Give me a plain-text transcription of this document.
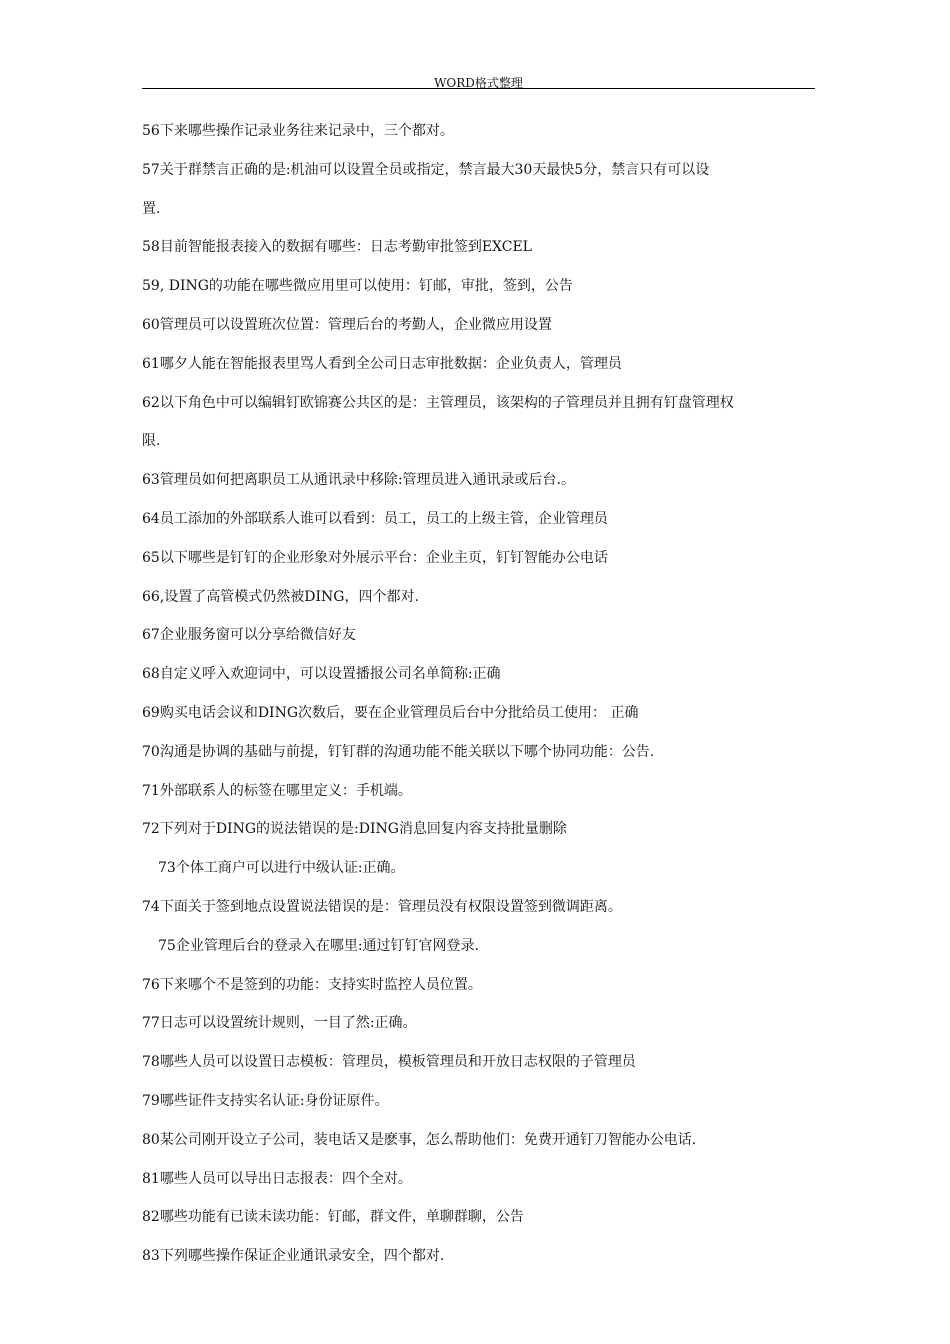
WORD格式整理
56下来哪些操作记录业务往来记录中，三个都对。
57关于群禁言正确的是:机油可以设置全员或指定，禁言最大30天最快5分，禁言只有可以设
置.
58目前智能报表接入的数据有哪些：日志考勤审批签到EXCEL
59, DING的功能在哪些微应用里可以使用：钉邮，审批，签到，公告
60管理员可以设置班次位置：管理后台的考勤人，企业微应用设置
61哪夕人能在智能报表里骂人看到全公司日志审批数据：企业负责人，管理员
62以下角色中可以编辑钉欧锦赛公共区的是：主管理员，该架构的子管理员并且拥有钉盘管理权
限.
63管理员如何把离职员工从通讯录中移除:管理员进入通讯录或后台.。
64员工添加的外部联系人谁可以看到：员工，员工的上级主管，企业管理员
65以下哪些是钉钉的企业形象对外展示平台：企业主页，钉钉智能办公电话
66,设置了高管模式仍然被DING，四个都对.
67企业服务窗可以分享给微信好友
68自定义呼入欢迎词中，可以设置播报公司名单简称:正确
69购买电话会议和DING次数后，要在企业管理员后台中分批给员工使用： 正确
70沟通是协调的基础与前提，钉钉群的沟通功能不能关联以下哪个协同功能：公告.
71外部联系人的标签在哪里定义：手机端。
72下列对于DING的说法错误的是:DING消息回复内容支持批量删除
73个体工商户可以进行中级认证:正确。
74下面关于签到地点设置说法错误的是：管理员没有权限设置签到微调距离。
75企业管理后台的登录入在哪里:通过钉钉官网登录.
76下来哪个不是签到的功能：支持实时监控人员位置。
77日志可以设置统计规则，一目了然:正确。
78哪些人员可以设置日志模板：管理员，模板管理员和开放日志权限的子管理员
79哪些证件支持实名认证:身份证原件。
80某公司刚开设立子公司，装电话又是麽事，怎么帮助他们：免费开通钉刀智能办公电话.
81哪些人员可以导出日志报表：四个全对。
82哪些功能有已读未读功能：钉邮，群文件，单聊群聊，公告
83下列哪些操作保证企业通讯录安全，四个都对.
